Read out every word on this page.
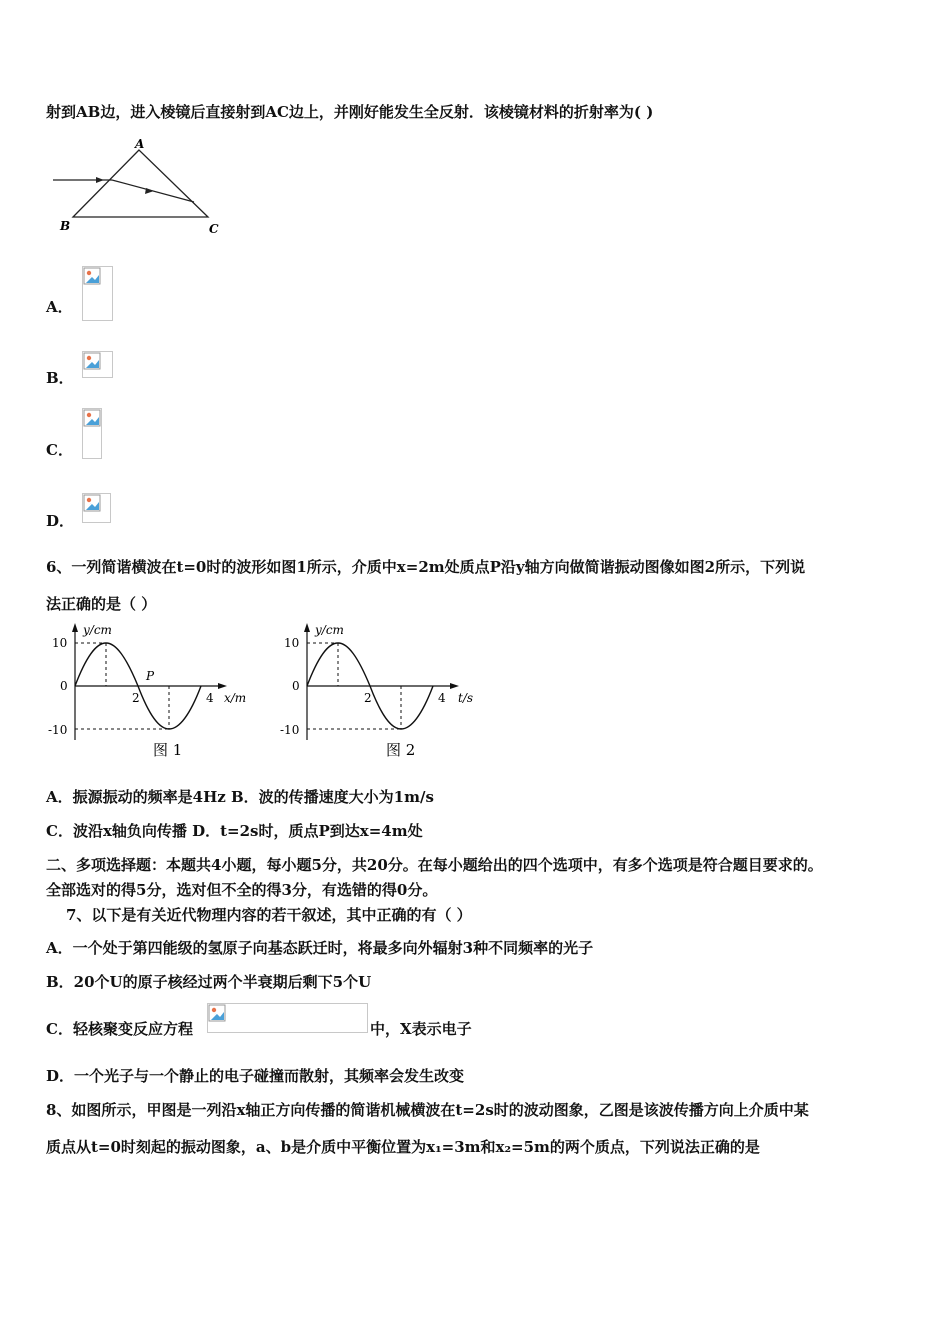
射到AB边，进入棱镜后直接射到AC边上，并刚好能发生全反射．该棱镜材料的折射率为( )
A
B	C
A．
B．
C．
D．
6、一列简谐横波在t=0时的波形如图1所示，介质中x=2m处质点P沿y轴方向做简谐振动图像如图2所示，下列说
法正确的是（ ）
10
0
-10
2	4
P
y/cm
x/m
图 1
10
0
-10
2	4
y/cm
t/s
图 2
A．振源振动的频率是4Hz B．波的传播速度大小为1m/s
C．波沿x轴负向传播 D．t=2s时，质点P到达x=4m处
二、多项选择题：本题共4小题，每小题5分，共20分。在每小题给出的四个选项中，有多个选项是符合题目要求的。
全部选对的得5分，选对但不全的得3分，有选错的得0分。
7、以下是有关近代物理内容的若干叙述，其中正确的有（ ）
A．一个处于第四能级的氢原子向基态跃迁时，将最多向外辐射3种不同频率的光子
B．20个U的原子核经过两个半衰期后剩下5个U
C．轻核聚变反应方程	中，X表示电子
D．一个光子与一个静止的电子碰撞而散射，其频率会发生改变
8、如图所示，甲图是一列沿x轴正方向传播的简谐机械横波在t=2s时的波动图象，乙图是该波传播方向上介质中某
质点从t=0时刻起的振动图象，a、b是介质中平衡位置为x₁=3m和x₂=5m的两个质点，下列说法正确的是
